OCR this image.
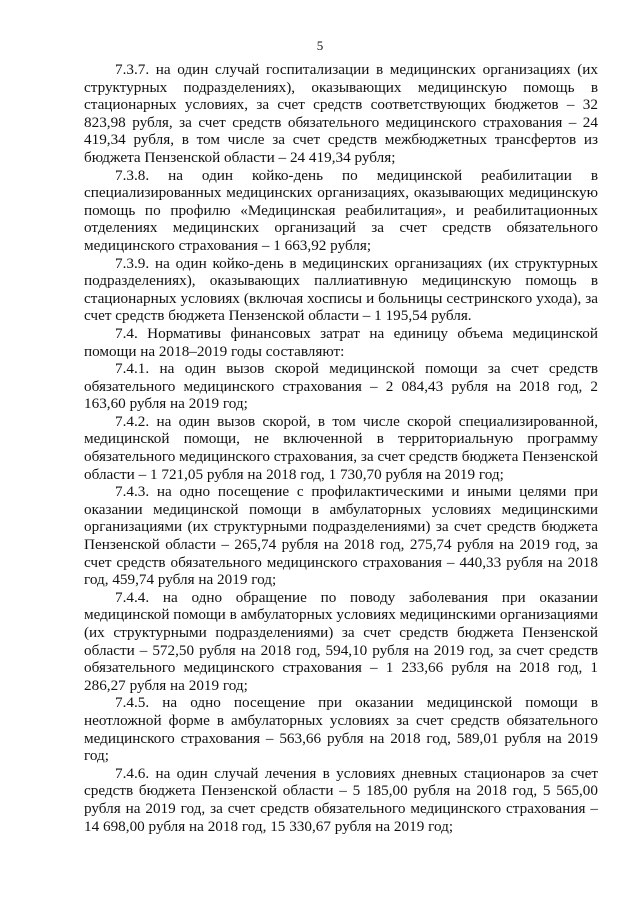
5

7.3.7. на один случай госпитализации в медицинских организациях (их структурных подразделениях), оказывающих медицинскую помощь в стационарных условиях, за счет средств соответствующих бюджетов – 32 823,98 рубля, за счет средств обязательного медицинского страхования – 24 419,34 рубля, в том числе за счет средств межбюджетных трансфертов из бюджета Пензенской области – 24 419,34 рубля;

7.3.8. на один койко-день по медицинской реабилитации в специализированных медицинских организациях, оказывающих медицинскую помощь по профилю «Медицинская реабилитация», и реабилитационных отделениях медицинских организаций за счет средств обязательного медицинского страхования – 1 663,92 рубля;

7.3.9. на один койко-день в медицинских организациях (их структурных подразделениях), оказывающих паллиативную медицинскую помощь в стационарных условиях (включая хосписы и больницы сестринского ухода), за счет средств бюджета Пензенской области – 1 195,54 рубля.

7.4. Нормативы финансовых затрат на единицу объема медицинской помощи на 2018–2019 годы составляют:

7.4.1. на один вызов скорой медицинской помощи за счет средств обязательного медицинского страхования – 2 084,43 рубля на 2018 год, 2 163,60 рубля на 2019 год;

7.4.2. на один вызов скорой, в том числе скорой специализированной, медицинской помощи, не включенной в территориальную программу обязательного медицинского страхования, за счет средств бюджета Пензенской области – 1 721,05 рубля на 2018 год, 1 730,70 рубля на 2019 год;

7.4.3. на одно посещение с профилактическими и иными целями при оказании медицинской помощи в амбулаторных условиях медицинскими организациями (их структурными подразделениями) за счет средств бюджета Пензенской области – 265,74 рубля на 2018 год, 275,74 рубля на 2019 год, за счет средств обязательного медицинского страхования – 440,33 рубля на 2018 год, 459,74 рубля на 2019 год;

7.4.4. на одно обращение по поводу заболевания при оказании медицинской помощи в амбулаторных условиях медицинскими организациями (их структурными подразделениями) за счет средств бюджета Пензенской области – 572,50 рубля на 2018 год, 594,10 рубля на 2019 год, за счет средств обязательного медицинского страхования – 1 233,66 рубля на 2018 год, 1 286,27 рубля на 2019 год;

7.4.5. на одно посещение при оказании медицинской помощи в неотложной форме в амбулаторных условиях за счет средств обязательного медицинского страхования – 563,66 рубля на 2018 год, 589,01 рубля на 2019 год;

7.4.6. на один случай лечения в условиях дневных стационаров за счет средств бюджета Пензенской области – 5 185,00 рубля на 2018 год, 5 565,00 рубля на 2019 год, за счет средств обязательного медицинского страхования – 14 698,00 рубля на 2018 год, 15 330,67 рубля на 2019 год;
